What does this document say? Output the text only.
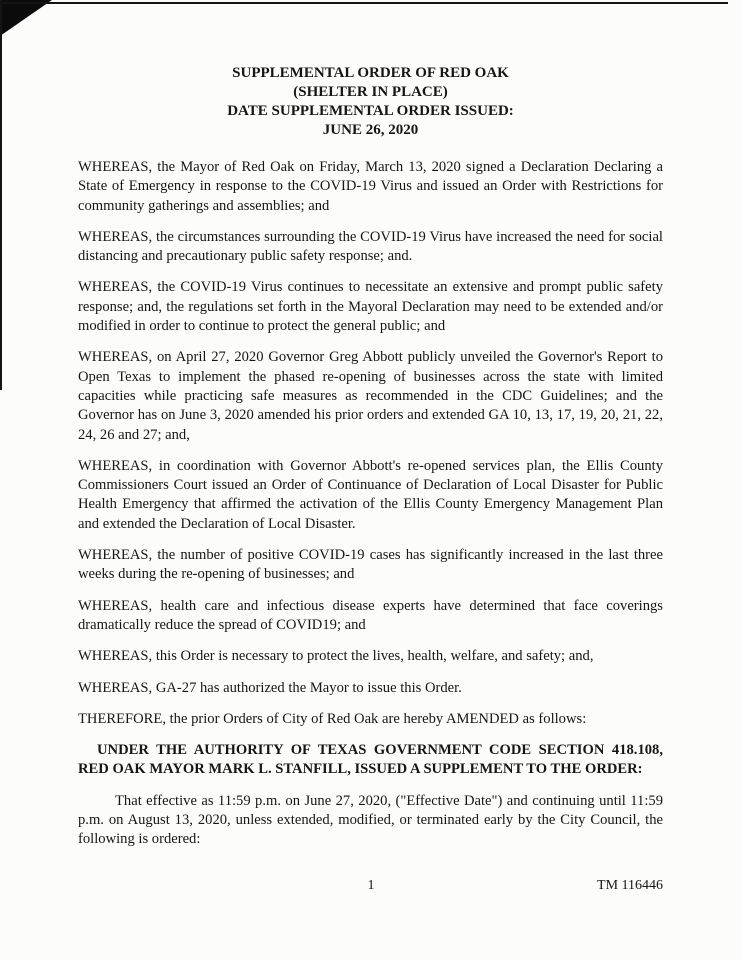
SUPPLEMENTAL ORDER OF RED OAK
(SHELTER IN PLACE)
DATE SUPPLEMENTAL ORDER ISSUED:
JUNE 26, 2020

WHEREAS, the Mayor of Red Oak on Friday, March 13, 2020 signed a Declaration Declaring a State of Emergency in response to the COVID-19 Virus and issued an Order with Restrictions for community gatherings and assemblies; and

WHEREAS, the circumstances surrounding the COVID-19 Virus have increased the need for social distancing and precautionary public safety response; and.

WHEREAS, the COVID-19 Virus continues to necessitate an extensive and prompt public safety response; and, the regulations set forth in the Mayoral Declaration may need to be extended and/or modified in order to continue to protect the general public; and

WHEREAS, on April 27, 2020 Governor Greg Abbott publicly unveiled the Governor's Report to Open Texas to implement the phased re-opening of businesses across the state with limited capacities while practicing safe measures as recommended in the CDC Guidelines; and the Governor has on June 3, 2020 amended his prior orders and extended GA 10, 13, 17, 19, 20, 21, 22, 24, 26 and 27; and,

WHEREAS, in coordination with Governor Abbott's re-opened services plan, the Ellis County Commissioners Court issued an Order of Continuance of Declaration of Local Disaster for Public Health Emergency that affirmed the activation of the Ellis County Emergency Management Plan and extended the Declaration of Local Disaster.

WHEREAS, the number of positive COVID-19 cases has significantly increased in the last three weeks during the re-opening of businesses; and

WHEREAS, health care and infectious disease experts have determined that face coverings dramatically reduce the spread of COVID19; and

WHEREAS, this Order is necessary to protect the lives, health, welfare, and safety; and,

WHEREAS, GA-27 has authorized the Mayor to issue this Order.

THEREFORE, the prior Orders of City of Red Oak are hereby AMENDED as follows:

UNDER THE AUTHORITY OF TEXAS GOVERNMENT CODE SECTION 418.108, RED OAK MAYOR MARK L. STANFILL, ISSUED A SUPPLEMENT TO THE ORDER:

That effective as 11:59 p.m. on June 27, 2020, ("Effective Date") and continuing until 11:59 p.m. on August 13, 2020, unless extended, modified, or terminated early by the City Council, the following is ordered:

1	TM 116446
